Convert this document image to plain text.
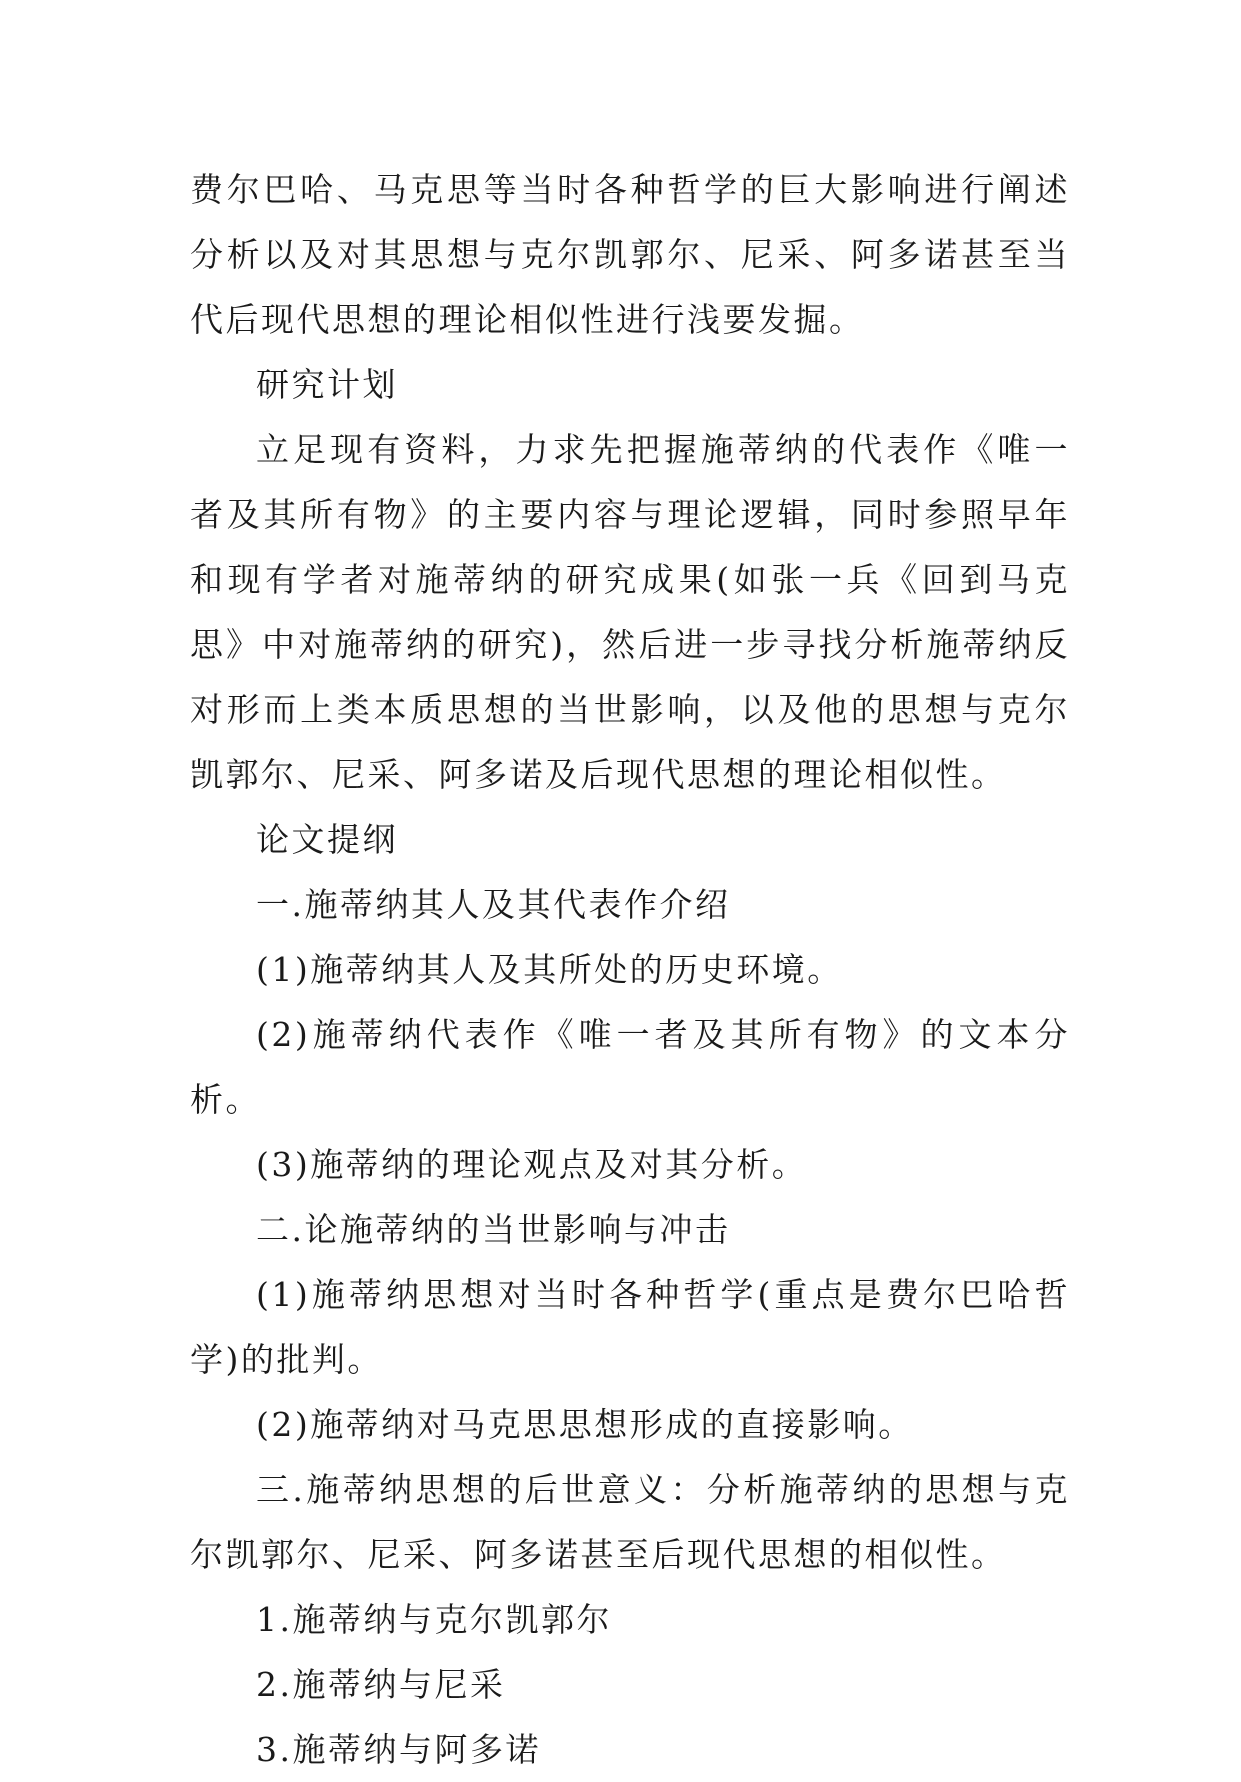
费尔巴哈、马克思等当时各种哲学的巨大影响进行阐述分析以及对其思想与克尔凯郭尔、尼采、阿多诺甚至当代后现代思想的理论相似性进行浅要发掘。

研究计划

立足现有资料，力求先把握施蒂纳的代表作《唯一者及其所有物》的主要内容与理论逻辑，同时参照早年和现有学者对施蒂纳的研究成果(如张一兵《回到马克思》中对施蒂纳的研究)，然后进一步寻找分析施蒂纳反对形而上类本质思想的当世影响，以及他的思想与克尔凯郭尔、尼采、阿多诺及后现代思想的理论相似性。

论文提纲

一.施蒂纳其人及其代表作介绍

(1)施蒂纳其人及其所处的历史环境。

(2)施蒂纳代表作《唯一者及其所有物》的文本分析。

(3)施蒂纳的理论观点及对其分析。

二.论施蒂纳的当世影响与冲击

(1)施蒂纳思想对当时各种哲学(重点是费尔巴哈哲学)的批判。

(2)施蒂纳对马克思思想形成的直接影响。

三.施蒂纳思想的后世意义：分析施蒂纳的思想与克尔凯郭尔、尼采、阿多诺甚至后现代思想的相似性。

1.施蒂纳与克尔凯郭尔

2.施蒂纳与尼采

3.施蒂纳与阿多诺
